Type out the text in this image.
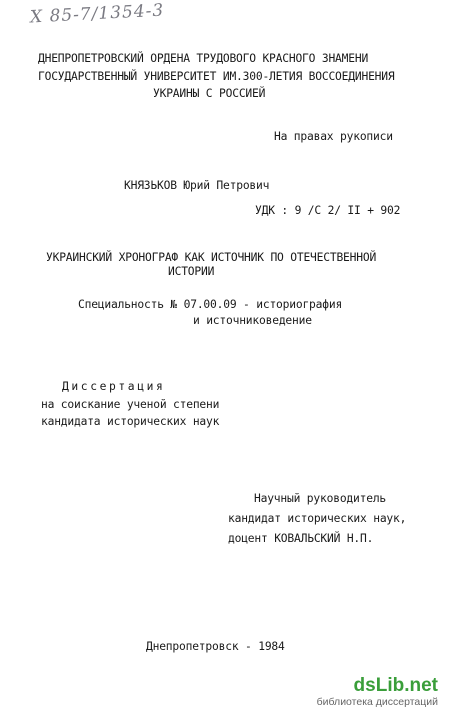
Х 85-7/1354-3
ДНЕПРОПЕТРОВСКИЙ ОРДЕНА ТРУДОВОГО КРАСНОГО ЗНАМЕНИ
ГОСУДАРСТВЕННЫЙ УНИВЕРСИТЕТ ИМ.300-ЛЕТИЯ ВОССОЕДИНЕНИЯ
УКРАИНЫ С РОССИЕЙ
На правах рукописи
КНЯЗЬКОВ Юрий Петрович
УДК : 9 /С 2/ II + 902
УКРАИНСКИЙ ХРОНОГРАФ КАК ИСТОЧНИК ПО ОТЕЧЕСТВЕННОЙ
ИСТОРИИ
Специальность № 07.00.09 - историография
и источниковедение
Диссертация
на соискание ученой степени
кандидата исторических наук
Научный руководитель
кандидат исторических наук,
доцент КОВАЛЬСКИЙ Н.П.
Днепропетровск - 1984
dsLib.net
библиотека диссертаций
